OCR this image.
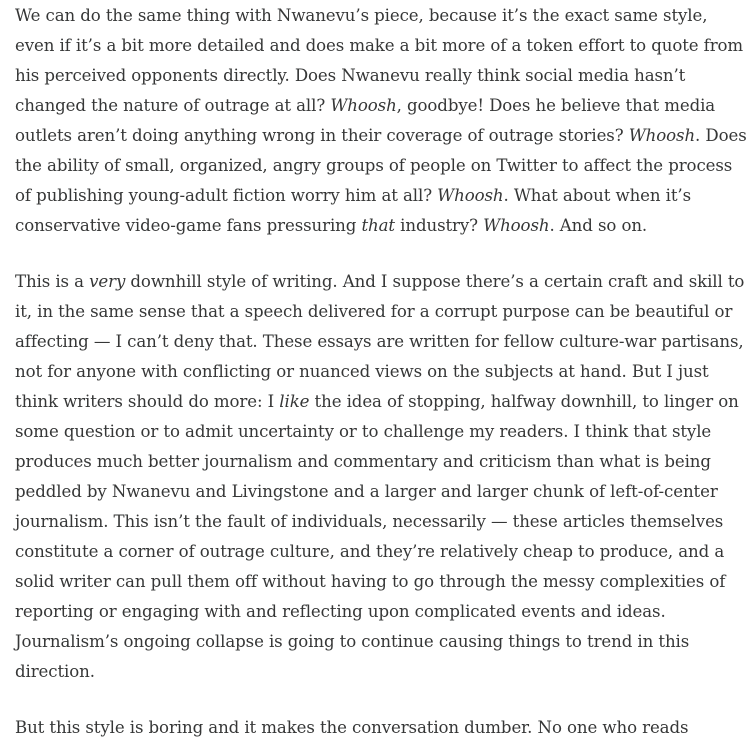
We can do the same thing with Nwanevu’s piece, because it’s the exact same style,
even if it’s a bit more detailed and does make a bit more of a token effort to quote from
his perceived opponents directly. Does Nwanevu really think social media hasn’t
changed the nature of outrage at all? Whoosh, goodbye! Does he believe that media
outlets aren’t doing anything wrong in their coverage of outrage stories? Whoosh. Does
the ability of small, organized, angry groups of people on Twitter to affect the process
of publishing young-adult fiction worry him at all? Whoosh. What about when it’s
conservative video-game fans pressuring that industry? Whoosh. And so on.

This is a very downhill style of writing. And I suppose there’s a certain craft and skill to
it, in the same sense that a speech delivered for a corrupt purpose can be beautiful or
affecting — I can’t deny that. These essays are written for fellow culture-war partisans,
not for anyone with conflicting or nuanced views on the subjects at hand. But I just
think writers should do more: I like the idea of stopping, halfway downhill, to linger on
some question or to admit uncertainty or to challenge my readers. I think that style
produces much better journalism and commentary and criticism than what is being
peddled by Nwanevu and Livingstone and a larger and larger chunk of left-of-center
journalism. This isn’t the fault of individuals, necessarily — these articles themselves
constitute a corner of outrage culture, and they’re relatively cheap to produce, and a
solid writer can pull them off without having to go through the messy complexities of
reporting or engaging with and reflecting upon complicated events and ideas.
Journalism’s ongoing collapse is going to continue causing things to trend in this
direction.

But this style is boring and it makes the conversation dumber. No one who reads
